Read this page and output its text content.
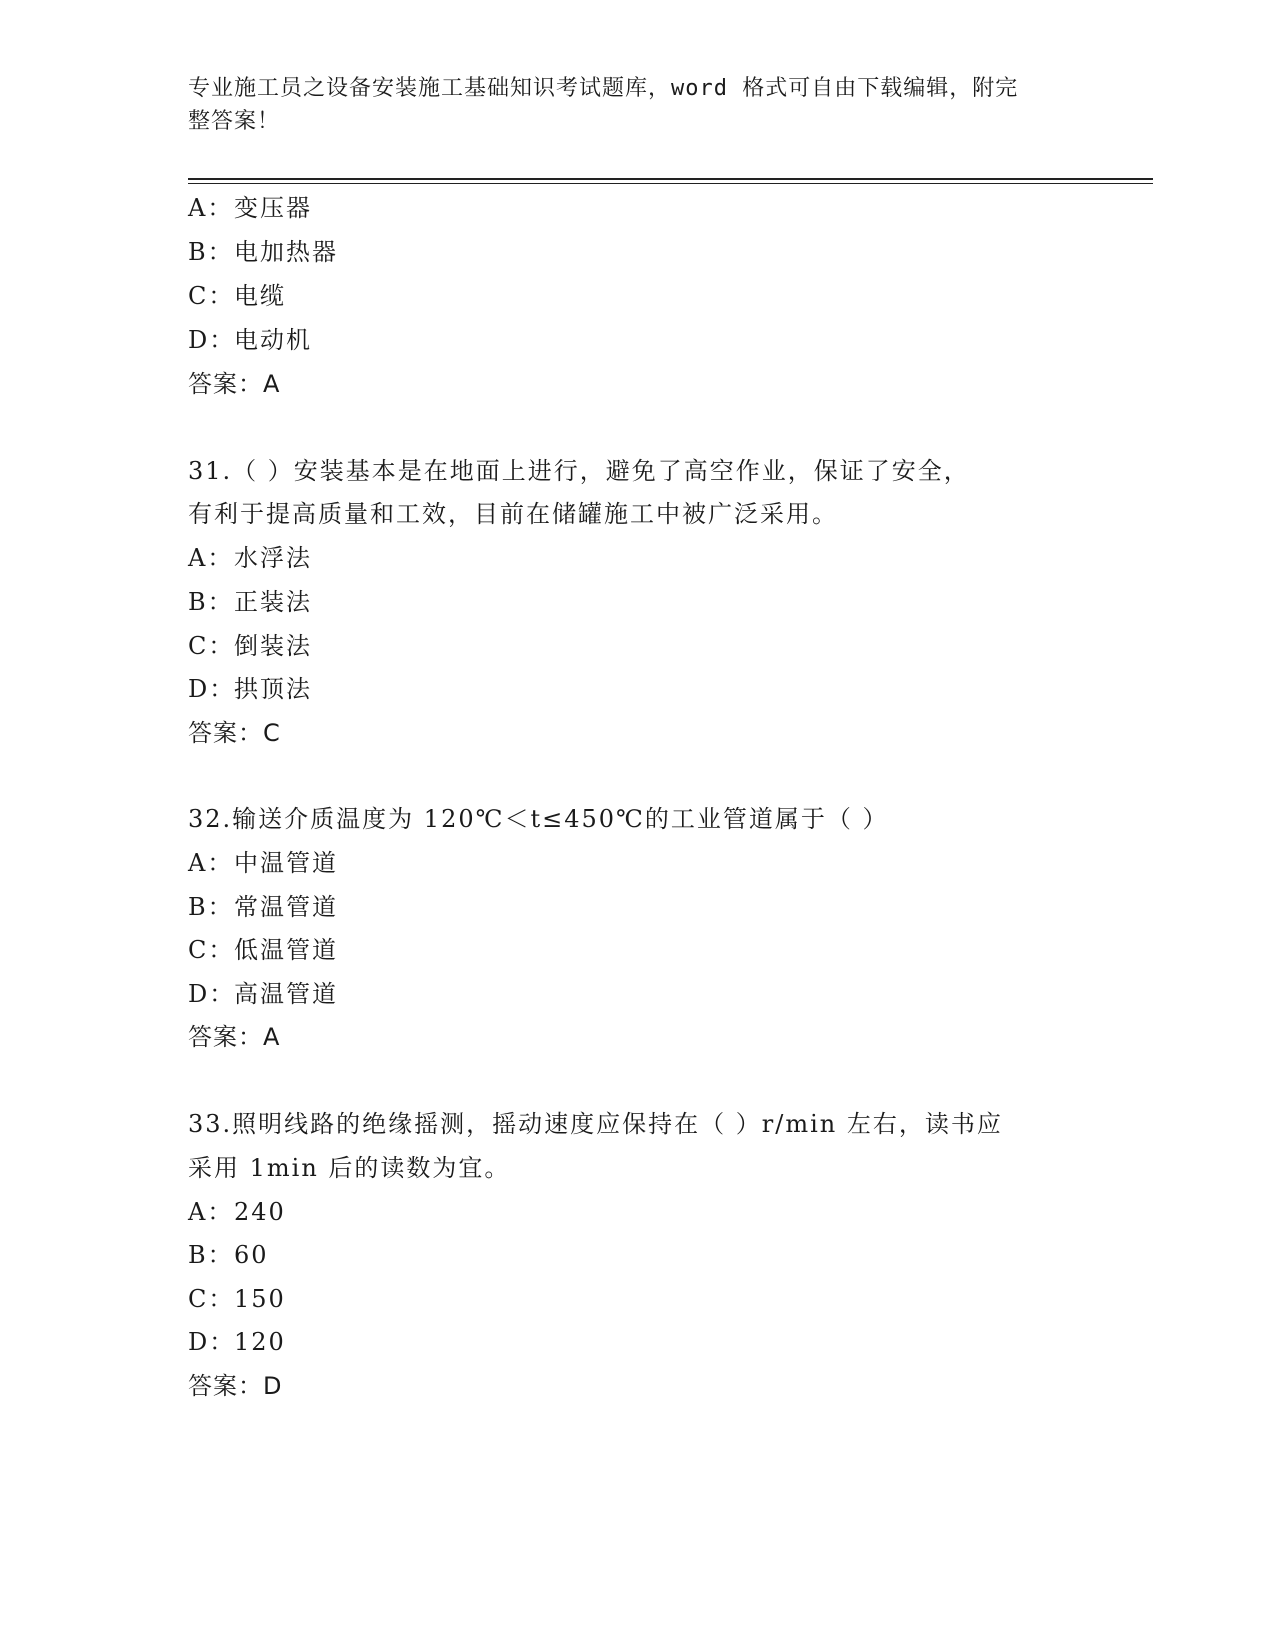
专业施工员之设备安装施工基础知识考试题库，word 格式可自由下载编辑，附完
整答案！
A：变压器
B：电加热器
C：电缆
D：电动机
答案：A
31.（ ）安装基本是在地面上进行，避免了高空作业，保证了安全，
有利于提高质量和工效，目前在储罐施工中被广泛采用。
A：水浮法
B：正装法
C：倒装法
D：拱顶法
答案：C
32.输送介质温度为 120℃＜t≤450℃的工业管道属于（ ）
A：中温管道
B：常温管道
C：低温管道
D：高温管道
答案：A
33.照明线路的绝缘摇测，摇动速度应保持在（ ）r/min 左右，读书应
采用 1min 后的读数为宜。
A：240
B：60
C：150
D：120
答案：D
